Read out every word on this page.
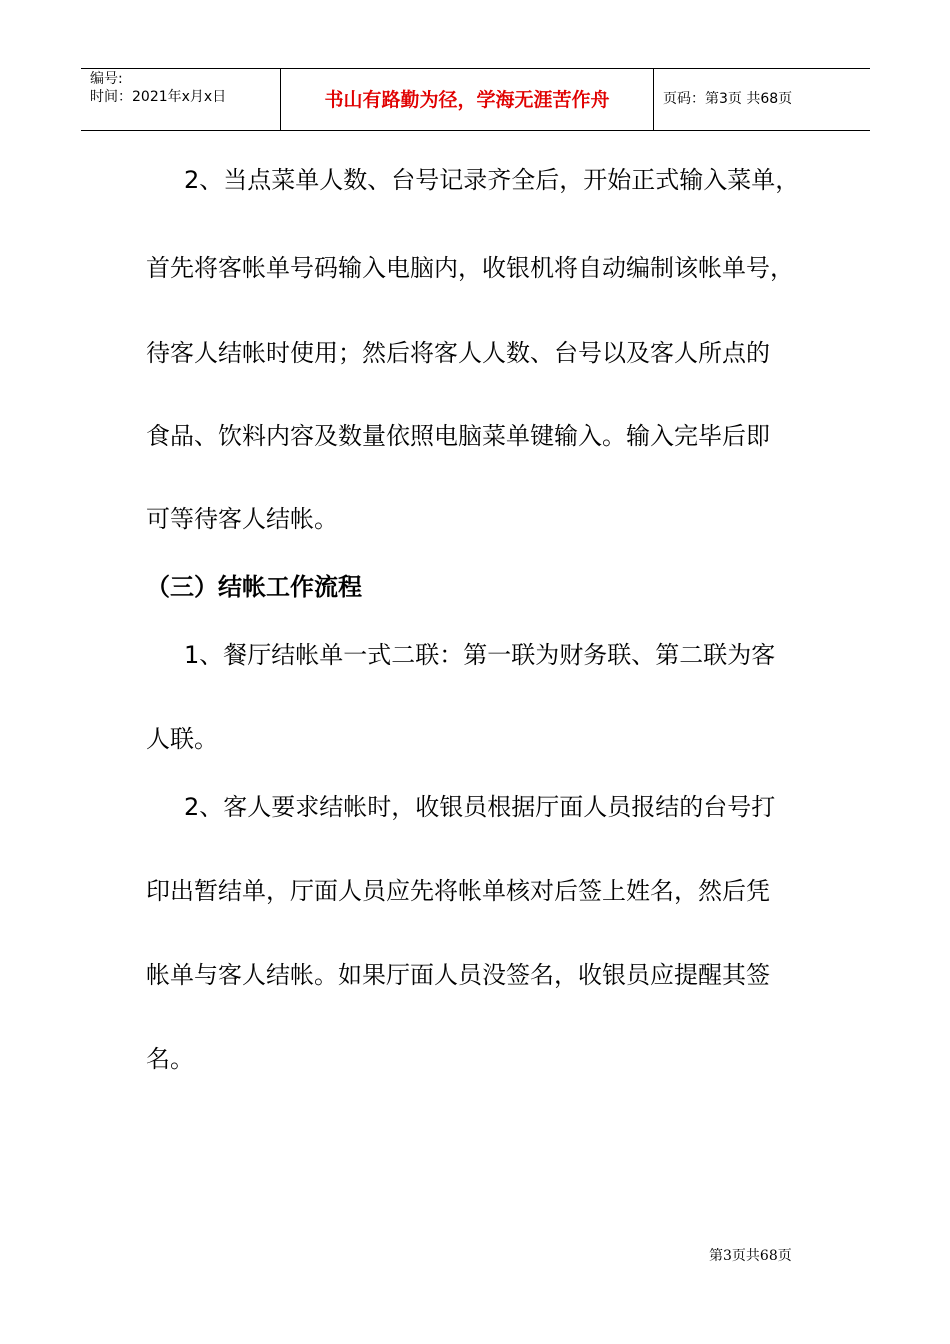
编号:
时间：2021年x月x日	书山有路勤为径，学海无涯苦作舟	页码：第3页 共68页
2、当点菜单人数、台号记录齐全后，开始正式输入菜单，
首先将客帐单号码输入电脑内，收银机将自动编制该帐单号，
待客人结帐时使用；然后将客人人数、台号以及客人所点的
食品、饮料内容及数量依照电脑菜单键输入。输入完毕后即
可等待客人结帐。
（三）结帐工作流程
1、餐厅结帐单一式二联：第一联为财务联、第二联为客
人联。
2、客人要求结帐时，收银员根据厅面人员报结的台号打
印出暂结单，厅面人员应先将帐单核对后签上姓名，然后凭
帐单与客人结帐。如果厅面人员没签名，收银员应提醒其签
名。
第3页共68页
